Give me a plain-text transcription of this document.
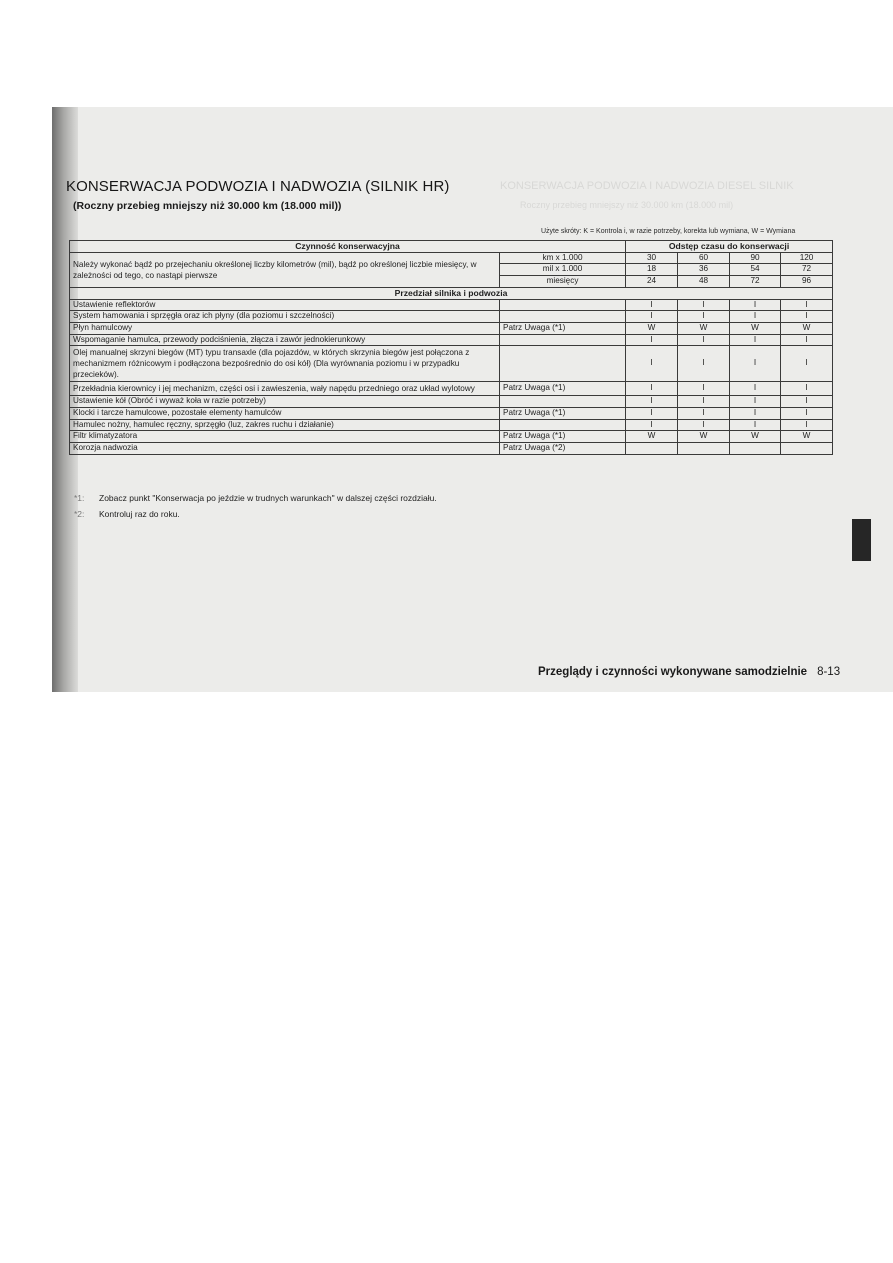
KONSERWACJA PODWOZIA I NADWOZIA DIESEL SILNIK
Roczny przebieg mniejszy niż 30.000 km (18.000 mil)
KONSERWACJA PODWOZIA I NADWOZIA (SILNIK HR)
(Roczny przebieg mniejszy niż 30.000 km (18.000 mil))
Użyte skróty: K = Kontrola i, w razie potrzeby, korekta lub wymiana, W = Wymiana
Czynność konserwacyjna		Odstęp czasu do konserwacji			
Należy wykonać bądź po przejechaniu określonej liczby kilometrów (mil), bądź po określonej liczbie miesięcy, w zależności od tego, co nastąpi pierwsze	km x 1.000	30	60	90	120
	mil x 1.000	18	36	54	72
	miesięcy	24	48	72	96
Przedział silnika i podwozia					
Ustawienie reflektorów		I	I	I	I
System hamowania i sprzęgła oraz ich płyny (dla poziomu i szczelności)		I	I	I	I
Płyn hamulcowy	Patrz Uwaga (*1)	W	W	W	W
Wspomaganie hamulca, przewody podciśnienia, złącza i zawór jednokierunkowy		I	I	I	I
Olej manualnej skrzyni biegów (MT) typu transaxle (dla pojazdów, w których skrzynia biegów jest połączona z mechanizmem różnicowym i podłączona bezpośrednio do osi kół) (Dla wyrównania poziomu i w przypadku przecieków).		I	I	I	I
Przekładnia kierownicy i jej mechanizm, części osi i zawieszenia, wały napędu przedniego oraz układ wylotowy	Patrz Uwaga (*1)	I	I	I	I
Ustawienie kół (Obróć i wyważ koła w razie potrzeby)		I	I	I	I
Klocki i tarcze hamulcowe, pozostałe elementy hamulców	Patrz Uwaga (*1)	I	I	I	I
Hamulec nożny, hamulec ręczny, sprzęgło (luz, zakres ruchu i działanie)		I	I	I	I
Filtr klimatyzatora	Patrz Uwaga (*1)	W	W	W	W
Korozja nadwozia	Patrz Uwaga (*2)				
*1:	Zobacz punkt "Konserwacja po jeździe w trudnych warunkach" w dalszej części rozdziału.
*2:	Kontroluj raz do roku.
Przeglądy i czynności wykonywane samodzielnie 8-13
